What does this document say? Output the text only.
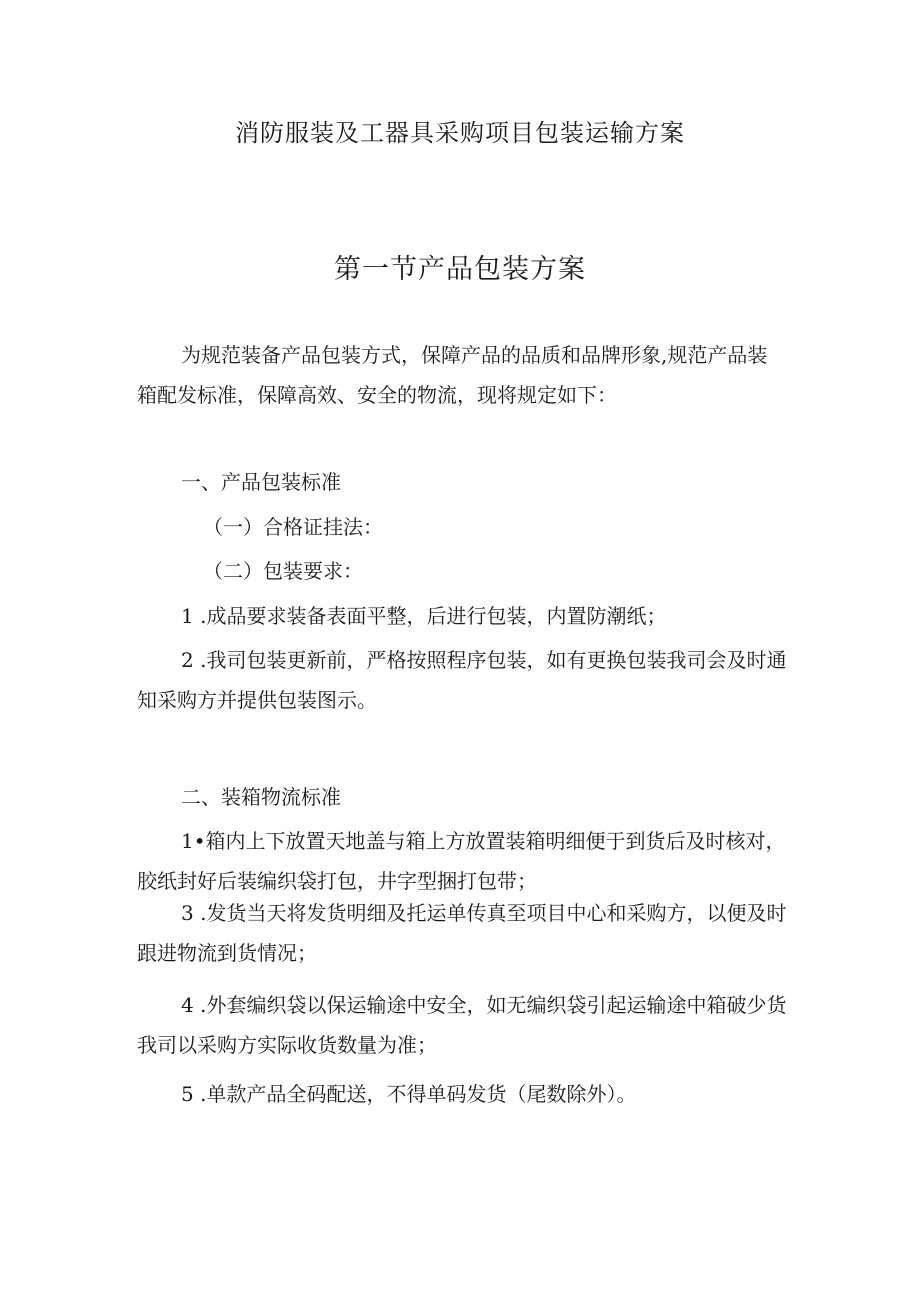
消防服装及工器具采购项目包装运输方案
第一节产品包装方案

为规范装备产品包装方式，保障产品的品质和品牌形象,规范产品装箱配发标准，保障高效、安全的物流，现将规定如下：

一、产品包装标准

（一）合格证挂法：

（二）包装要求：

1 .成品要求装备表面平整，后进行包装，内置防潮纸；

2 .我司包装更新前，严格按照程序包装，如有更换包装我司会及时通知采购方并提供包装图示。

二、装箱物流标准

1•箱内上下放置天地盖与箱上方放置装箱明细便于到货后及时核对，胶纸封好后装编织袋打包，井字型捆打包带；

3 .发货当天将发货明细及托运单传真至项目中心和采购方，以便及时跟进物流到货情况；

4 .外套编织袋以保运输途中安全，如无编织袋引起运输途中箱破少货我司以采购方实际收货数量为准；

5 .单款产品全码配送，不得单码发货（尾数除外）。
